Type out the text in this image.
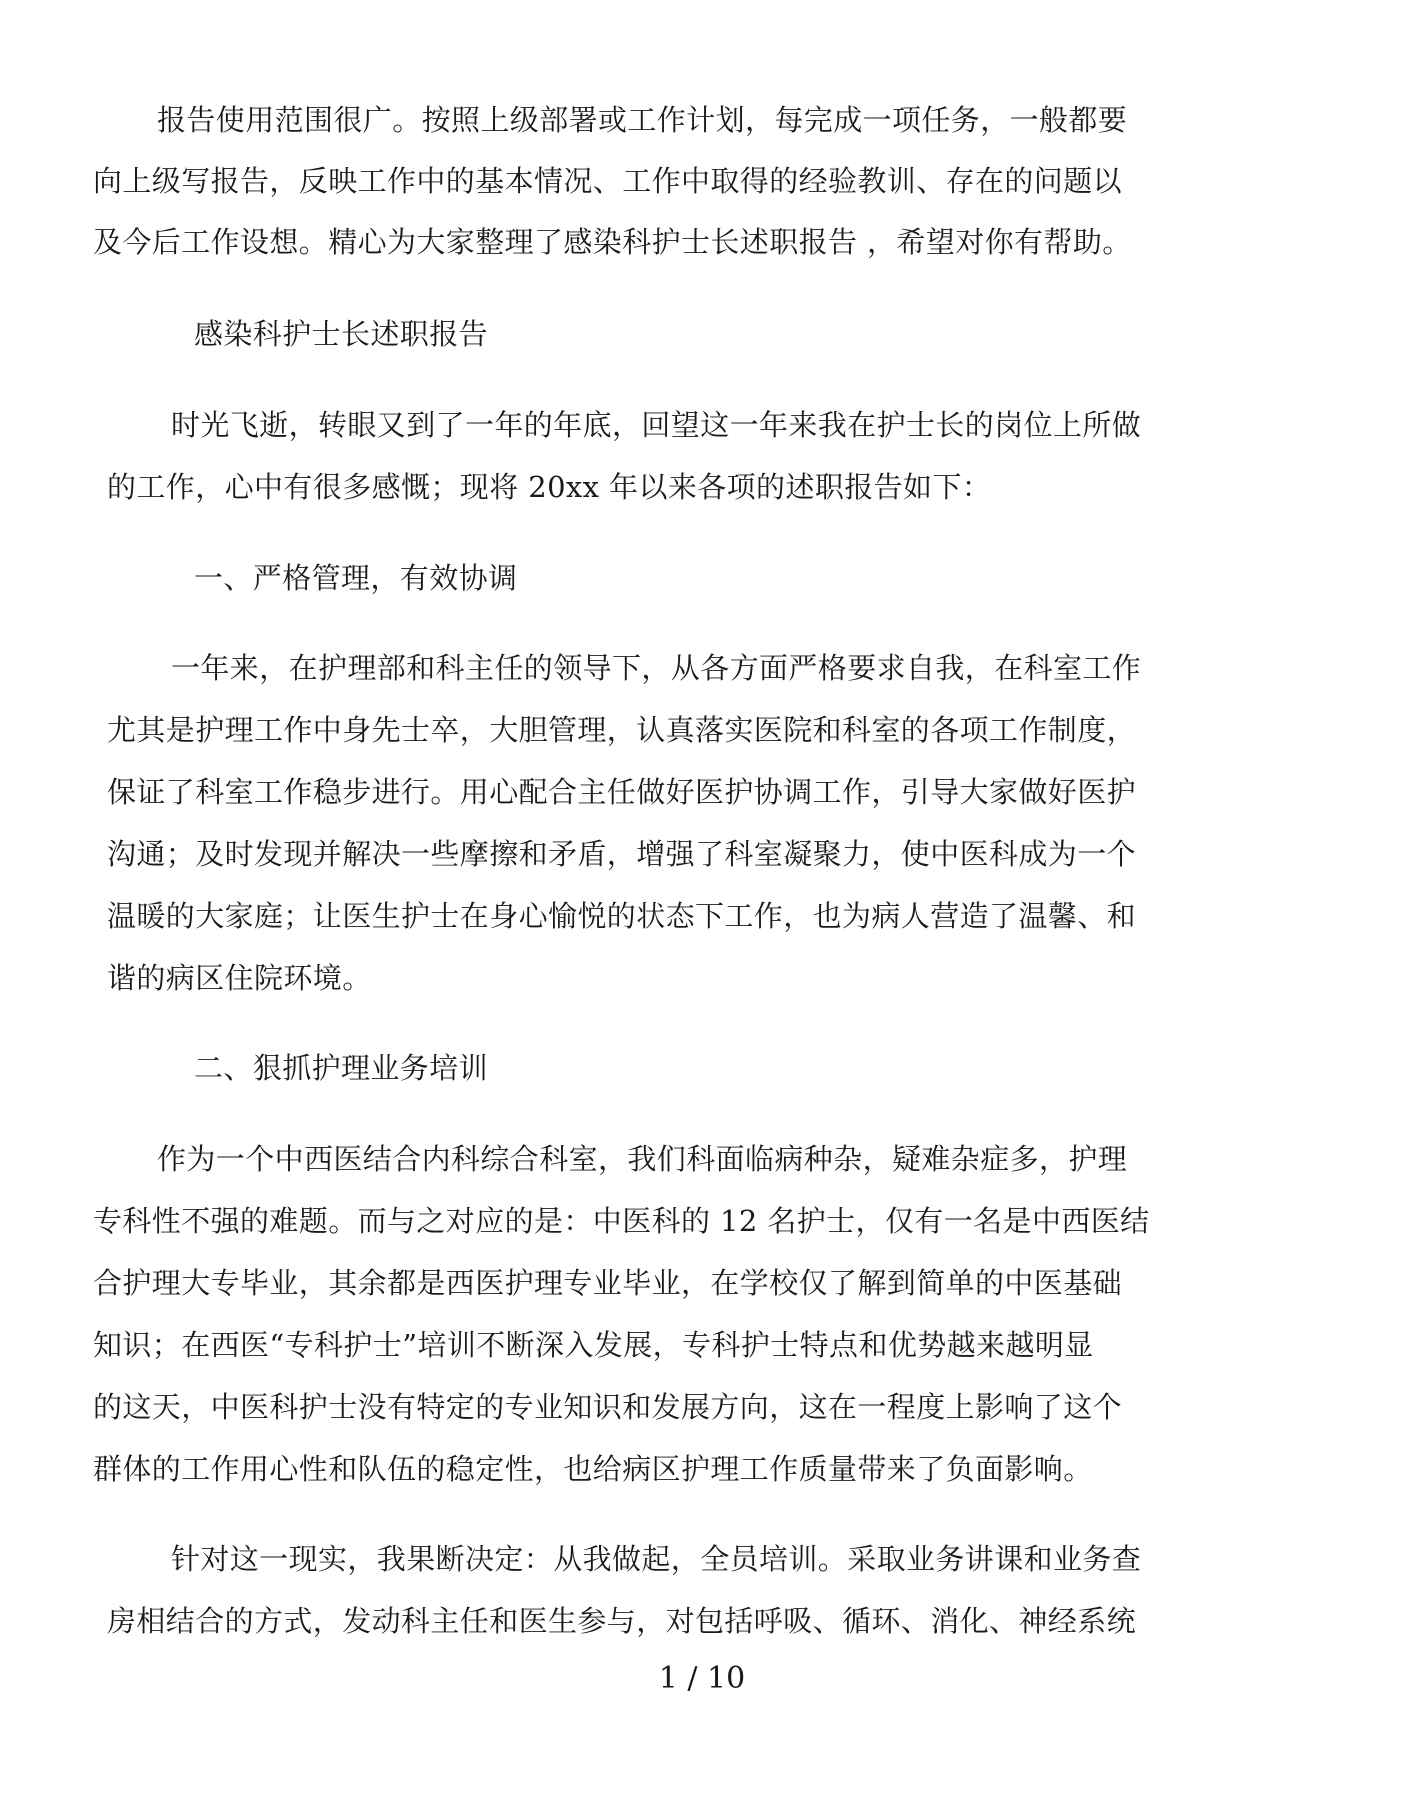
报告使用范围很广。按照上级部署或工作计划，每完成一项任务，一般都要
向上级写报告，反映工作中的基本情况、工作中取得的经验教训、存在的问题以
及今后工作设想。精心为大家整理了感染科护士长述职报告 ，希望对你有帮助。
感染科护士长述职报告
时光飞逝，转眼又到了一年的年底，回望这一年来我在护士长的岗位上所做
的工作，心中有很多感慨；现将 20xx 年以来各项的述职报告如下：
一、严格管理，有效协调
一年来，在护理部和科主任的领导下，从各方面严格要求自我，在科室工作
尤其是护理工作中身先士卒，大胆管理，认真落实医院和科室的各项工作制度，
保证了科室工作稳步进行。用心配合主任做好医护协调工作，引导大家做好医护
沟通；及时发现并解决一些摩擦和矛盾，增强了科室凝聚力，使中医科成为一个
温暖的大家庭；让医生护士在身心愉悦的状态下工作，也为病人营造了温馨、和
谐的病区住院环境。
二、狠抓护理业务培训
作为一个中西医结合内科综合科室，我们科面临病种杂，疑难杂症多，护理
专科性不强的难题。而与之对应的是：中医科的 12 名护士，仅有一名是中西医结
合护理大专毕业，其余都是西医护理专业毕业，在学校仅了解到简单的中医基础
知识；在西医“专科护士”培训不断深入发展，专科护士特点和优势越来越明显
的这天，中医科护士没有特定的专业知识和发展方向，这在一程度上影响了这个
群体的工作用心性和队伍的稳定性，也给病区护理工作质量带来了负面影响。
针对这一现实，我果断决定：从我做起，全员培训。采取业务讲课和业务查
房相结合的方式，发动科主任和医生参与，对包括呼吸、循环、消化、神经系统
1 / 10
